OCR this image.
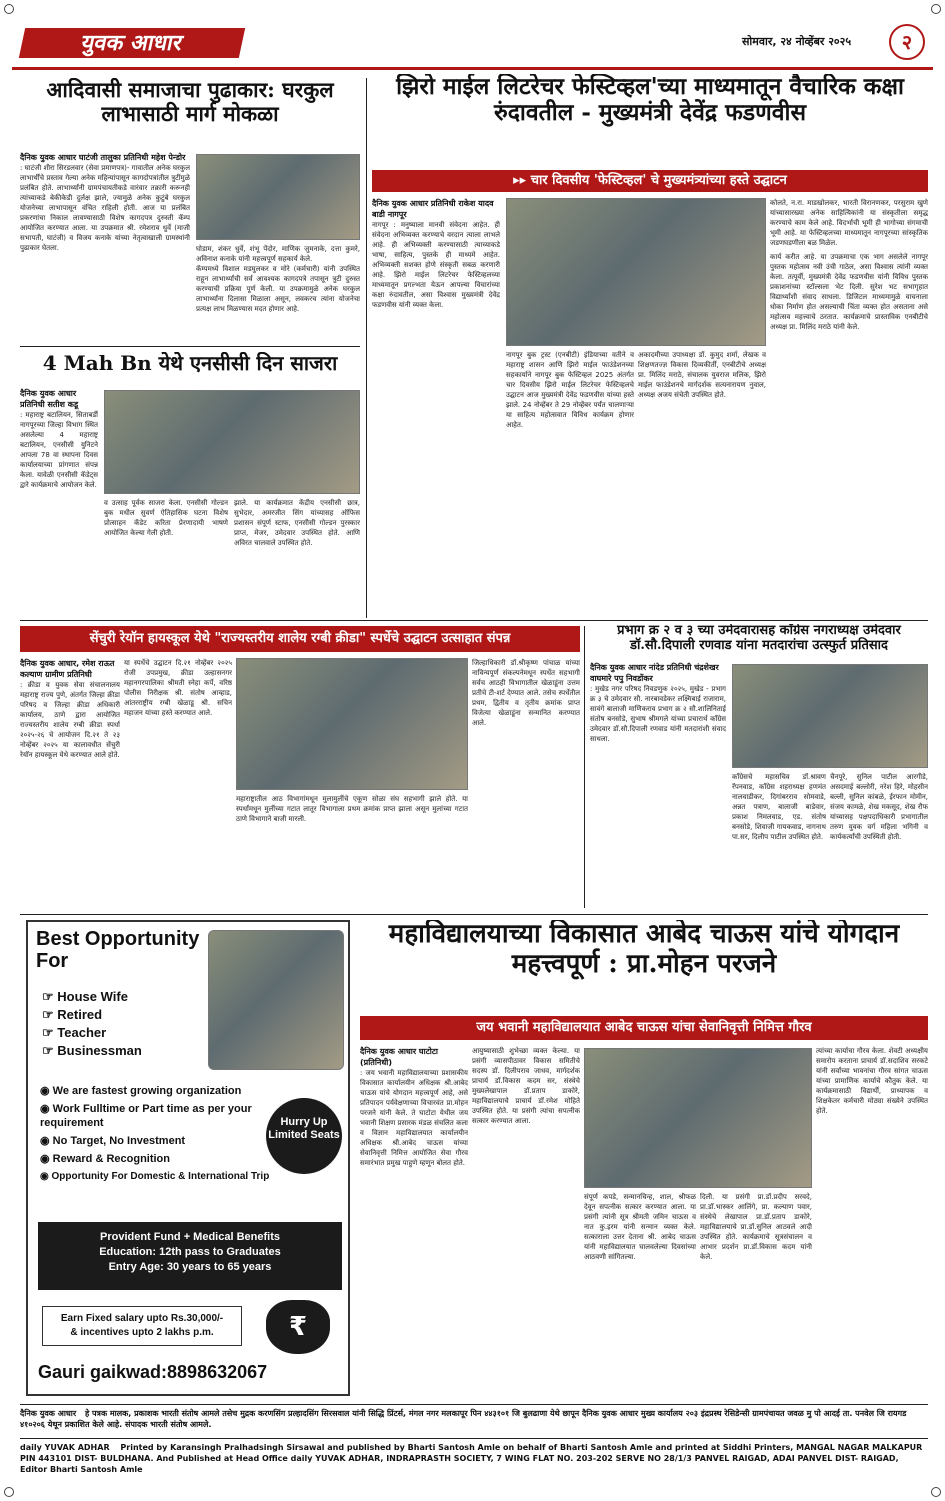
युवक आधार	सोमवार, २४ नोव्हेंबर २०२५	२
आदिवासी समाजाचा पुढाकार: घरकुल लाभासाठी मार्ग मोकळा
दैनिक युवक आधार घाटंजी तालुका प्रतिनिधी महेश पेन्डोर
: घाटंजी शीरा सिरडलवार (सेवा प्रमाणपत्र)- गावातील अनेक घरकुल लाभार्थींचे प्रस्ताव गेल्या अनेक महिन्यांपासून कागदोपत्रांतील त्रुटींमुळे प्रलंबित होते. लाभार्थ्यांनी ग्रामपंचायतीकडे वारंवार तक्रारी करूनही त्यांच्याकडे बेकीकेडी दुर्लक्ष झाले, ज्यामुळे अनेक कुटुंबे घरकुल योजनेच्या लाभापासून वंचित राहिली होती. आज या प्रलंबित प्रकरणांचा निकाल लावण्यासाठी विशेष कागदपत्र दुरुस्ती कॅम्प आयोजित करण्यात आला. या उपक्रमात श्री. रमेशराव धुर्वे (माजी सभापती, घाटंजी) व विजय कनाके यांच्या नेतृत्वाखाली ग्रामस्थांनी पुढाकार घेतला.	घोडाम, शंकर धुर्वे, शंभू पेंदोर, माणिक जुमनाके, दत्ता कुमरे, अविनाश कनाके यांनी महत्त्वपूर्ण सहकार्य केले.
कॅम्पमध्ये विशाल मडघुलकर व मोरे (कर्मचारी) यांनी उपस्थित राहून लाभार्थ्यांची सर्व आवश्यक कागदपत्रे तपासून त्रुटी दुरुस्त करण्याची प्रक्रिया पूर्ण केली. या उपक्रमामुळे अनेक घरकुल लाभार्थ्यांना दिलासा मिळाला असून, लवकरच त्यांना योजनेचा प्रत्यक्ष लाभ मिळण्यास मदत होणार आहे.
झिरो माईल लिटरेचर फेस्टिव्हल'च्या माध्यमातून वैचारिक कक्षा रुंदावतील - मुख्यमंत्री देवेंद्र फडणवीस
▸▸ चार दिवसीय 'फेस्टिव्हल' चे मुख्यमंत्र्यांच्या हस्ते उद्घाटन
दैनिक युवक आधार प्रतिनिधी राकेश यादव बाडी नागपूर
नागपूर : मनुष्याला मानवी संवेदना आहेत. ही संवेदना अभिव्यक्त करण्याचे वरदान त्याला लाभले आहे. ही अभिव्यक्ती करण्यासाठी त्याच्याकडे भाषा, साहित्य, पुस्तके ही माध्यमे आहेत. अभिव्यक्ती सशक्त होणे संस्कृती सबळ करणारी आहे. झिरो माईल लिटरेचर फेस्टिव्हलच्या माध्यमातून प्रगल्भता येऊन आपल्या विचारांच्या कक्षा रुंदावतील, असा विश्वास मुख्यमंत्री देवेंद्र फडणवीस यांनी व्यक्त केला.
नागपूर बुक ट्रस्ट (एनबीटी) इंडियाच्या वतीने व महाराष्ट्र शासन आणि झिरो माईल फाउंडेशनच्या सहकार्याने नागपूर बुक फेस्टिव्हल 2025 अंतर्गत चार दिवसीय झिरो माईल लिटरेचर फेस्टिव्हलचे उद्घाटन आज मुख्यमंत्री देवेंद्र फडणवीस यांच्या हस्ते झाले. 24 नोव्हेंबर ते 29 नोव्हेंबर पर्यंत चालणाऱ्या या साहित्य महोत्सवात विविध कार्यक्रम होणार आहेत.
अकादमीच्या उपाध्यक्षा डॉ. कुमुद शर्मा, लेखक व शिक्षणतज्ज्ञ विकास दिव्यकीर्ती, एनबीटीचे अध्यक्ष प्रा. मिलिंद मराठे, संचालक युवराज मलिक, झिरो माईल फाउंडेशनचे मार्गदर्शक सत्यनारायण नुवाल, अध्यक्ष अजय संचेती उपस्थित होते.
कोलते, न.रा. माडखोलकर, भारती विरानणकर, परसुराम खुणे यांच्यासारख्या अनेक साहित्यिकांनी या संस्कृतीला समृद्ध करण्याचे काम केले आहे. विदर्भाची भूमी ही भागोच्या संगमाची भूमी आहे. या फेस्टिव्हलच्या माध्यमातून नागपूरच्या सांस्कृतिक जडणघडणीला बळ मिळेल.
कार्य करीत आहे. या उपक्रमाचा एक भाग असलेले नागपूर पुस्तक महोत्सव नवी उंची गाठेल, असा विश्वास त्यांनी व्यक्त केला. तत्पूर्वी, मुख्यमंत्री देवेंद्र फडणवीस यांनी विविध पुस्तक प्रकाशनांच्या स्टॉल्सला भेट दिली. सुरेश भट सभागृहात विद्यार्थ्यांशी संवाद साधला. डिजिटल माध्यमामुळे वाचनाला धोका निर्माण होत असल्याची चिंता व्यक्त होत असताना असे महोत्सव महत्त्वाचे ठरतात. कार्यक्रमाचे प्रास्ताविक एनबीटीचे अध्यक्ष प्रा. मिलिंद मराठे यांनी केले.
4 Mah Bn येथे एनसीसी दिन साजरा
दैनिक युवक आधार प्रतिनिधी सतीश कडू
: महाराष्ट्र बटालियन, सिताबर्डी नागपूरच्या जिल्हा विभाग स्थित असलेल्या 4 महाराष्ट्र बटालियन, एनसीसी युनिटने आपला 78 वा स्थापना दिवस कार्यालयाच्या प्रांगणात संपन्न केला. यावेळी एनसीसी कॅडेट्स द्वारे कार्यक्रमाचे आयोजन केले.
व उत्साह पूर्वक साजरा केला. एनसीसी गोल्डन बुक मधील सुवर्ण ऐतिहासिक घटना विशेष प्रोत्साहन कॅडेट करिता प्रेरणादायी भाषणे आयोजित केल्या गेली होती.
झाले. या कार्यक्रमात केंद्रीय एनसीसी छात्र, सुभेदार, अमरजीत सिंग यांच्यासह ऑफिस प्रशासन संपूर्ण स्टाफ, एनसीसी गोल्डन पुरस्कार प्राप्त, मेजर, उमेदवार उपस्थित होते. आणि अविरत चालवाले उपस्थित होते.
सेंचुरी रेयॉन हायस्कूल येथे "राज्यस्तरीय शालेय रग्बी क्रीडा" स्पर्धेचे उद्घाटन उत्साहात संपन्न
दैनिक युवक आधार, रमेश राऊत कल्याण ग्रामीण प्रतिनिधी
: क्रीडा व युवक सेवा संचालनालय महाराष्ट्र राज्य पुणे, अंतर्गत जिल्हा क्रीडा परिषद व जिल्हा क्रीडा अधिकारी कार्यालय, ठाणे द्वारा आयोजित राज्यस्तरीय शालेय रग्बी क्रीडा स्पर्धा २०२५-२६ चे आयोजन दि.२१ ते २३ नोव्हेंबर २०२५ या कालावधीत सेंचुरी रेयॉन हायस्कूल येथे करण्यात आले होते.
या स्पर्धेचे उद्घाटन दि.२१ नोव्हेंबर २०२५ रोजी उपप्रमुख, क्रीडा उल्हासनगर महानगरपालिका श्रीमती स्नेहा कर्पे, वरिष्ठ पोलीस निरीक्षक श्री. संतोष आव्हाड, आंतरराष्ट्रीय रग्बी खेळाडू श्री. सचिन महाजन यांच्या हस्ते करण्यात आले.
महाराष्ट्रातील आठ विभागांमधून मुलामुलींचे एकूण सोळा संघ सहभागी झाले होते. या स्पर्धांमधून मुलींच्या गटात लातूर विभागाला प्रथम क्रमांक प्राप्त झाला असून मुलांच्या गटात ठाणे विभागाने बाजी मारली.
जिल्हाधिकारी डॉ.श्रीकृष्ण पांचाळ यांच्या नाविन्यपूर्ण संकल्पनेमधून स्पर्धेत सहभागी सर्वच आठही विभागातील खेळाडूंना उत्तम प्रतीचे टी-शर्ट देण्यात आले. तसेच स्पर्धेतील प्रथम, द्वितीय व तृतीय क्रमांक प्राप्त विजेत्या खेळाडूंना सन्मानित करण्यात आले.
प्रभाग क्र २ व ३ च्या उमेदवारासह काँग्रेस नगराध्यक्ष उमेदवार डॉ.सौ.दिपाली रणवाड यांना मतदारांचा उत्स्फुर्त प्रतिसाद
दैनिक युवक आधार नांदेड प्रतिनिधी चंद्रशेखर वाघमारे पपु निवडोंकर
: मुखेड नगर परिषद निवडणुक २०२५, मुखेड - प्रभाग क्र ३ चे उमेदवार सौ. नारबावडेकर लक्ष्मिबाई राजाराम, सावंगे बालाजी माणिकराव प्रभाग क्र २ सौ.शालिनिताई संतोष बनसोडे, सुभाष श्रीमगले यांच्या प्रचारार्थ काँग्रेस उमेदवार डॉ.सौ.दिपाली रणवाड यांनी मतदारांशी संवाद साधला.
काँग्रेसचे महासचिव डॉ.श्रावण रॅपनवाड, काँग्रेस शहराध्यक्ष हणमंत नालवाडीकर, दिगांबरराव सोमवाडे, अन्नत पत्राण, बालाजी बाडेवार, प्रकाश निमलवाड, एड. संतोष बनसोडे, शिवाजी गायकवाड, नागनाथ पा.सर, दिलीप पाटील उपस्थित होते.
चैनपूरे, सुनिल पाटील आरगीडे, असदमाई बल्लोरी, नरेश हिरे, मोहसीन बल्ली, सुनिल कांबळे, ईरफान मोमीन, संजय कामळे, शेख मकसूद, शेख रौफ यांच्यासह पक्षपदाधिकारी प्रभागातील तरुण युवक वर्ग महिला भगिनी व कार्यकर्त्यांची उपस्थिती होती.
Best Opportunity
For
☞ House Wife
☞ Retired
☞ Teacher
☞ Businessman
◉ We are fastest growing organization
◉ Work Fulltime or Part time as per your requirement
◉ No Target, No Investment
◉ Reward & Recognition
◉ Opportunity For Domestic & International Trip
Hurry Up Limited Seats
Provident Fund + Medical Benefits
Education: 12th pass to Graduates
Entry Age: 30 years to 65 years
Earn Fixed salary upto Rs.30,000/-
& incentives upto 2 lakhs p.m.	₹
Gauri gaikwad:8898632067
महाविद्यालयाच्या विकासात आबेद चाऊस यांचे योगदान महत्त्वपूर्ण : प्रा.मोहन परजने
जय भवानी महाविद्यालयात आबेद चाऊस यांचा सेवानिवृत्ती निमित्त गौरव
दैनिक युवक आधार घाटोटा (प्रतिनिधी)
: जय भवानी महाविद्यालयाच्या प्रशासकीय विकासात कार्यालयीन अधिक्षक श्री.आबेद चाऊस यांचे योगदान महत्त्वपूर्ण आहे, असे प्रतिपादन पर्यवेक्षणाच्या विचारवंत प्रा.मोहन परजने यांनी केले. ते घाटोटा येथील जय भवानी शिक्षण प्रसारक मंडळ संचलित कला व विज्ञान महाविद्यालयात कार्यालयीन अधिक्षक श्री.आबेद चाऊस यांच्या सेवानिवृत्ती निमित्त आयोजित सेवा गौरव समारंभात प्रमुख पाहुणे म्हणून बोलत होते.
आयुष्यासाठी शुभेच्छा व्यक्त केल्या. या प्रसंगी व्यासपीठावर विकास समितीचे सदस्य डॉ. दिलीपराव जाधव, मार्गदर्शक प्राचार्य डॉ.विकास कदम सर, संस्थेचे मुख्यलेखापाल डॉ.प्रताप डाकोरे, महाविद्यालयाचे प्राचार्य डॉ.रमेश मोहिते उपस्थित होते. या प्रसंगी त्यांचा सपत्नीक सत्कार करण्यात आला.
संपूर्ण कपडे, सन्मानचिन्ह, शाल, श्रीफळ देवून सपत्नीक सत्कार करण्यात आला. या प्रसंगी त्यांनी सूत्र श्रीमती जमिन चाऊस व नात कु.इरम यांनी सन्मान व्यक्त केले. सत्काराला उत्तर देताना श्री. आबेद चाऊस यांनी महाविद्यालयात घालवलेल्या दिवसांच्या आठवणी सांगितल्या.
दिली. या प्रसंगी प्रा.डॉ.प्रदीप सरवदे, प्रा.डॉ.भास्कर आलिंगे, प्रा. कल्याण पवार, संस्थेचे लेखापाल प्रा.डॉ.प्रताप डाकोरे, महाविद्यालयाचे प्रा.डॉ.सुनिल आठवले आदी उपस्थित होते. कार्यक्रमाचे सूत्रसंचालन व आभार प्रदर्शन प्रा.डॉ.विकास कदम यांनी केले.
त्यांच्या कार्याचा गौरव केला. शेवटी अध्यक्षीय समारोप करताना प्राचार्य डॉ.सदाशिव सरकटे यांनी सर्वांच्या भावनांचा गौरव सांगत चाऊस यांच्या प्रामाणिक कार्याचे कौतुक केले. या कार्यक्रमासाठी विद्यार्थी, प्राध्यापक व शिक्षकेतर कर्मचारी मोठ्या संख्येने उपस्थित होते.
दैनिक युवक आधार हे पत्रक मालक, प्रकाशक भारती संतोष आमले तसेच मुद्रक करणसिंग प्रल्हादसिंग सिरसवाल यांनी सिद्धि प्रिंटर्स, मंगल नगर मलकापूर पिन ४४३१०१ जि बुलढाणा येथे छापून दैनिक युवक आधार मुख्य कार्यालय २०३ इंद्रप्रस्थ रेसिडेन्सी ग्रामपंचायत जवळ मु पो आदई ता. पनवेल जि रायगड ४१०२०६ येथून प्रकाशित केले आहे. संपादक भारती संतोष आमले.
daily YUVAK ADHAR Printed by Karansingh Pralhadsingh Sirsawal and published by Bharti Santosh Amle on behalf of Bharti Santosh Amle and printed at Siddhi Printers, MANGAL NAGAR MALKAPUR PIN 443101 DIST- BULDHANA. And Published at Head Office daily YUVAK ADHAR, INDRAPRASTH SOCIETY, 7 WING FLAT NO. 203-202 SERVE NO 28/1/3 PANVEL RAIGAD, ADAI PANVEL DIST- RAIGAD, Editor Bharti Santosh Amle
